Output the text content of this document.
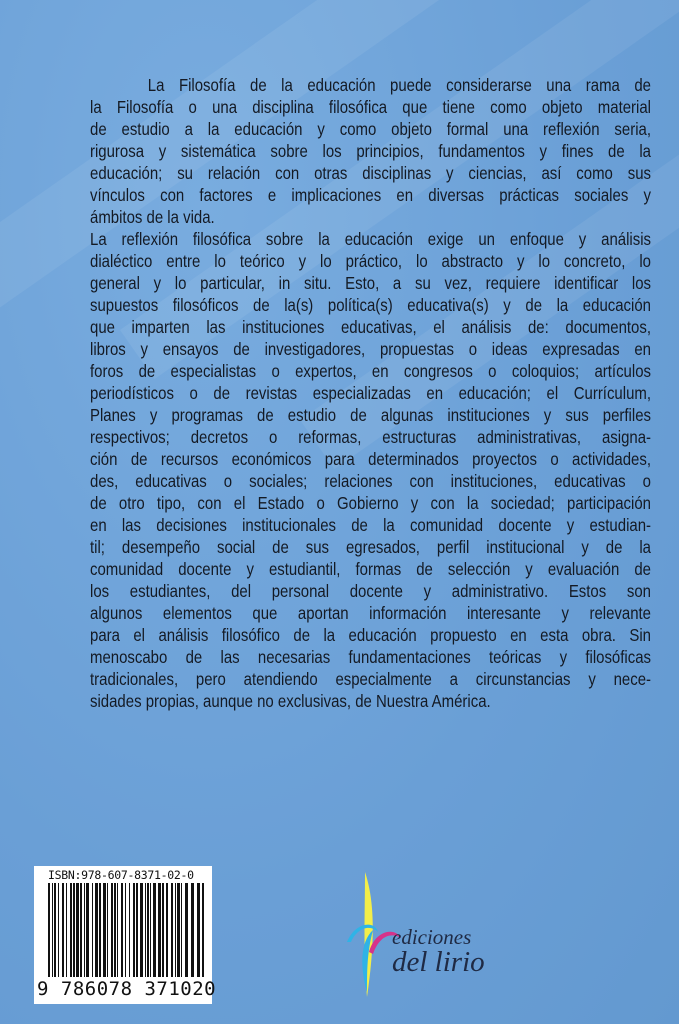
La Filosofía de la educación puede considerarse una rama de
la Filosofía o una disciplina filosófica que tiene como objeto material
de estudio a la educación y como objeto formal una reflexión seria,
rigurosa y sistemática sobre los principios, fundamentos y fines de la
educación; su relación con otras disciplinas y ciencias, así como sus
vínculos con factores e implicaciones en diversas prácticas sociales y
ámbitos de la vida.
La reflexión filosófica sobre la educación exige un enfoque y análisis
dialéctico entre lo teórico y lo práctico, lo abstracto y lo concreto, lo
general y lo particular, in situ. Esto, a su vez, requiere identificar los
supuestos filosóficos de la(s) política(s) educativa(s) y de la educación
que imparten las instituciones educativas, el análisis de: documentos,
libros y ensayos de investigadores, propuestas o ideas expresadas en
foros de especialistas o expertos, en congresos o coloquios; artículos
periodísticos o de revistas especializadas en educación; el Currículum,
Planes y programas de estudio de algunas instituciones y sus perfiles
respectivos; decretos o reformas, estructuras administrativas, asigna-
ción de recursos económicos para determinados proyectos o actividades,
des, educativas o sociales; relaciones con instituciones, educativas o
de otro tipo, con el Estado o Gobierno y con la sociedad; participación
en las decisiones institucionales de la comunidad docente y estudian-
til; desempeño social de sus egresados, perfil institucional y de la
comunidad docente y estudiantil, formas de selección y evaluación de
los estudiantes, del personal docente y administrativo. Estos son
algunos elementos que aportan información interesante y relevante
para el análisis filosófico de la educación propuesto en esta obra. Sin
menoscabo de las necesarias fundamentaciones teóricas y filosóficas
tradicionales, pero atendiendo especialmente a circunstancias y nece-
sidades propias, aunque no exclusivas, de Nuestra América.
ISBN:978-607-8371-02-0
9 786078 371020
ediciones
del lirio
